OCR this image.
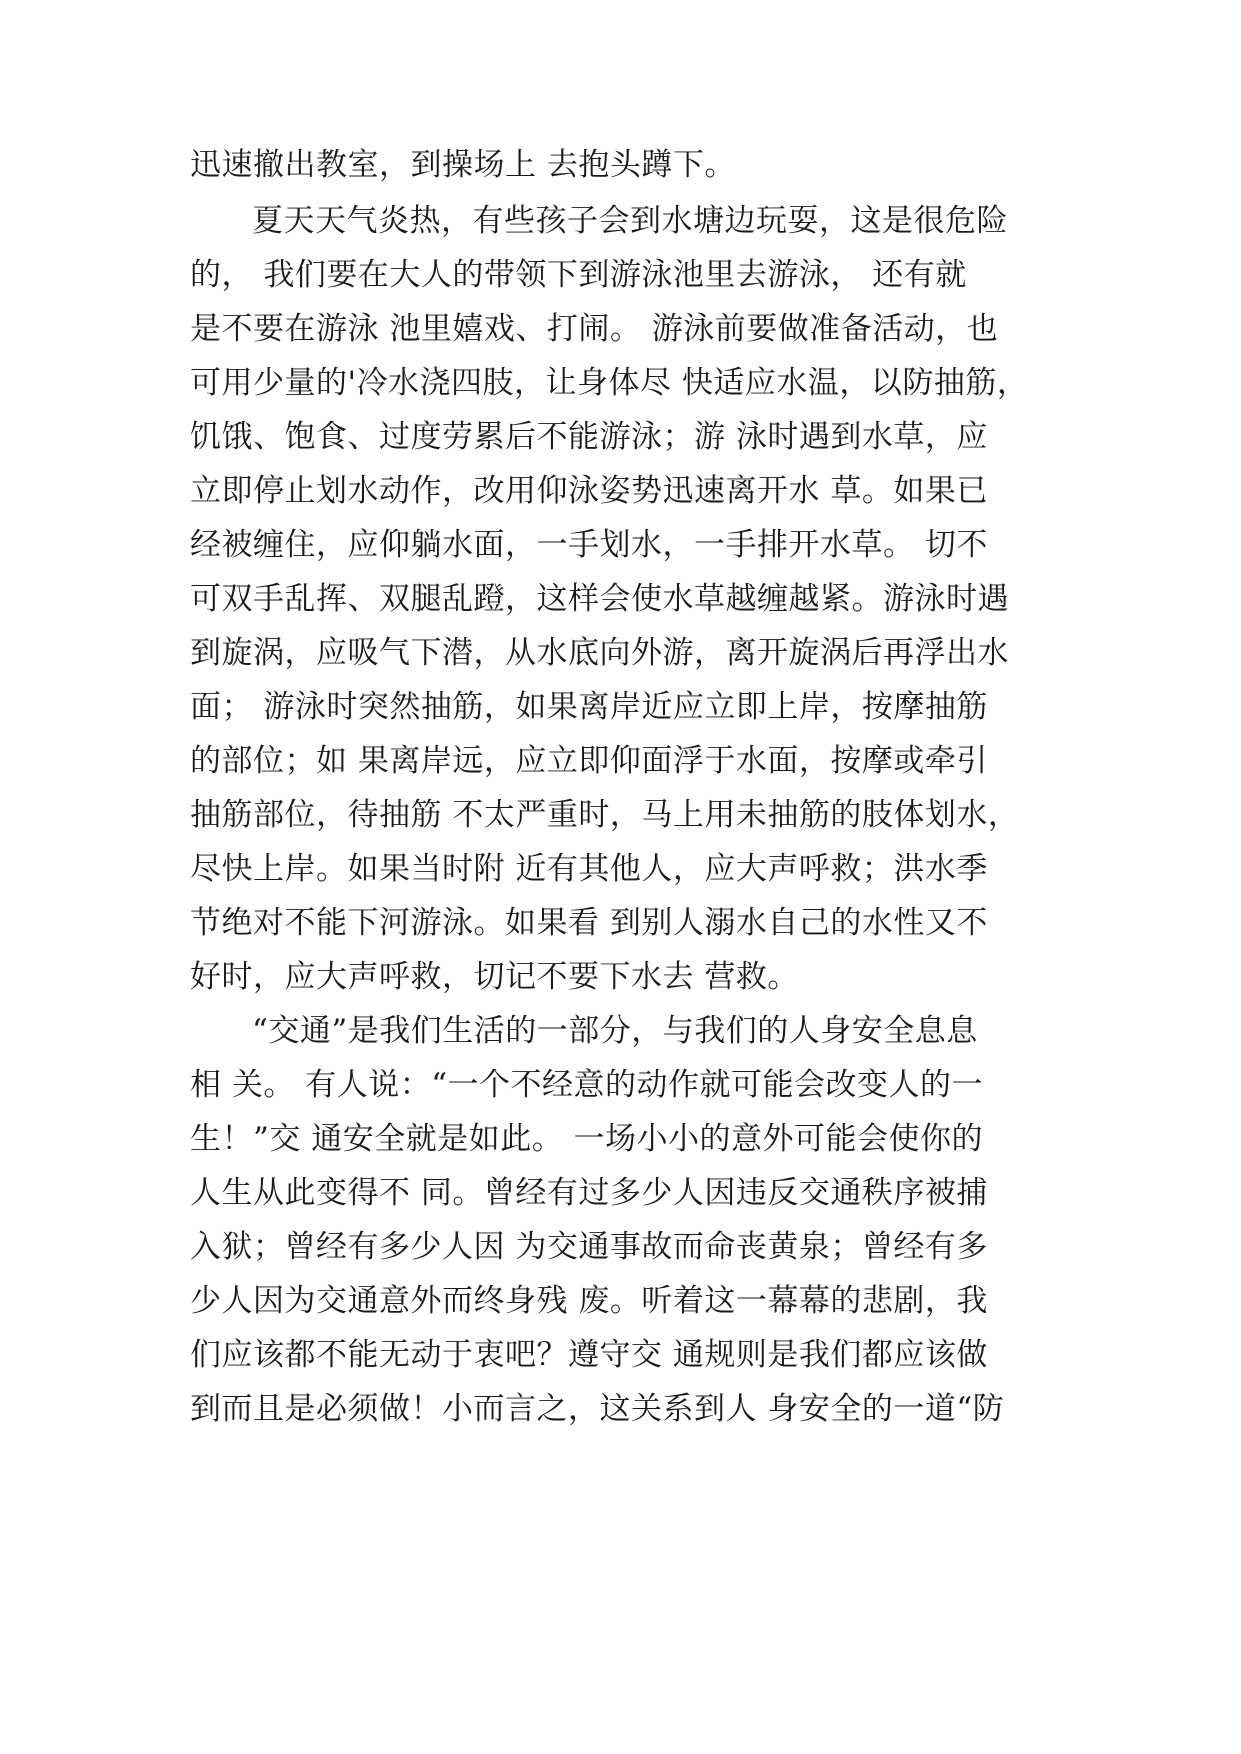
迅速撤出教室，到操场上 去抱头蹲下。
夏天天气炎热，有些孩子会到水塘边玩耍，这是很危险
的， 我们要在大人的带领下到游泳池里去游泳， 还有就
是不要在游泳 池里嬉戏、打闹。 游泳前要做准备活动，也
可用少量的'冷水浇四肢，让身体尽 快适应水温，以防抽筋，
饥饿、饱食、过度劳累后不能游泳；游 泳时遇到水草，应
立即停止划水动作，改用仰泳姿势迅速离开水 草。如果已
经被缠住，应仰躺水面，一手划水，一手排开水草。 切不
可双手乱挥、双腿乱蹬，这样会使水草越缠越紧。游泳时遇
到旋涡，应吸气下潜，从水底向外游，离开旋涡后再浮出水
面； 游泳时突然抽筋，如果离岸近应立即上岸，按摩抽筋
的部位；如 果离岸远，应立即仰面浮于水面，按摩或牵引
抽筋部位，待抽筋 不太严重时，马上用未抽筋的肢体划水，
尽快上岸。如果当时附 近有其他人，应大声呼救；洪水季
节绝对不能下河游泳。如果看 到别人溺水自己的水性又不
好时，应大声呼救，切记不要下水去 营救。
“交通”是我们生活的一部分，与我们的人身安全息息
相 关。 有人说：“一个不经意的动作就可能会改变人的一
生！”交 通安全就是如此。 一场小小的意外可能会使你的
人生从此变得不 同。曾经有过多少人因违反交通秩序被捕
入狱；曾经有多少人因 为交通事故而命丧黄泉；曾经有多
少人因为交通意外而终身残 废。听着这一幕幕的悲剧，我
们应该都不能无动于衷吧？遵守交 通规则是我们都应该做
到而且是必须做！小而言之，这关系到人 身安全的一道“防
